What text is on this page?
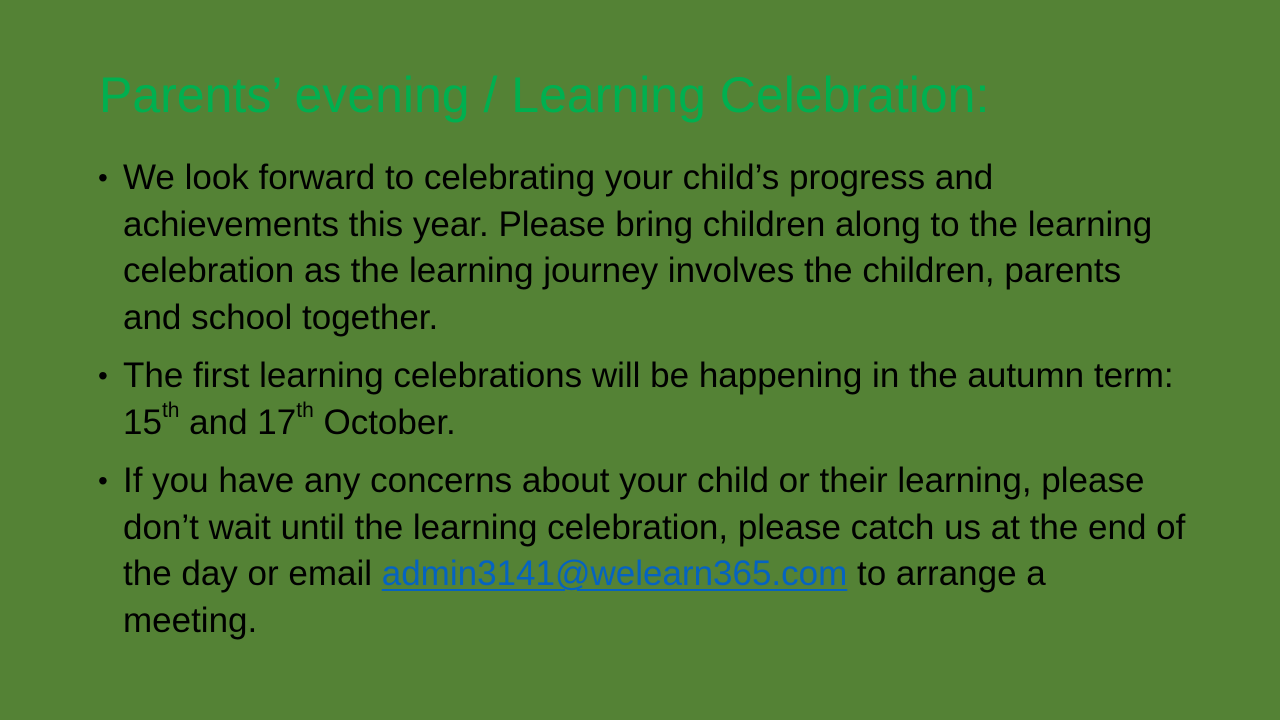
Parents’ evening / Learning Celebration:
• We look forward to celebrating your child’s progress and achievements this year. Please bring children along to the learning celebration as the learning journey involves the children, parents and school together.
• The first learning celebrations will be happening in the autumn term: 15th and 17th October.
• If you have any concerns about your child or their learning, please don’t wait until the learning celebration, please catch us at the end of the day or email admin3141@welearn365.com to arrange a meeting.
